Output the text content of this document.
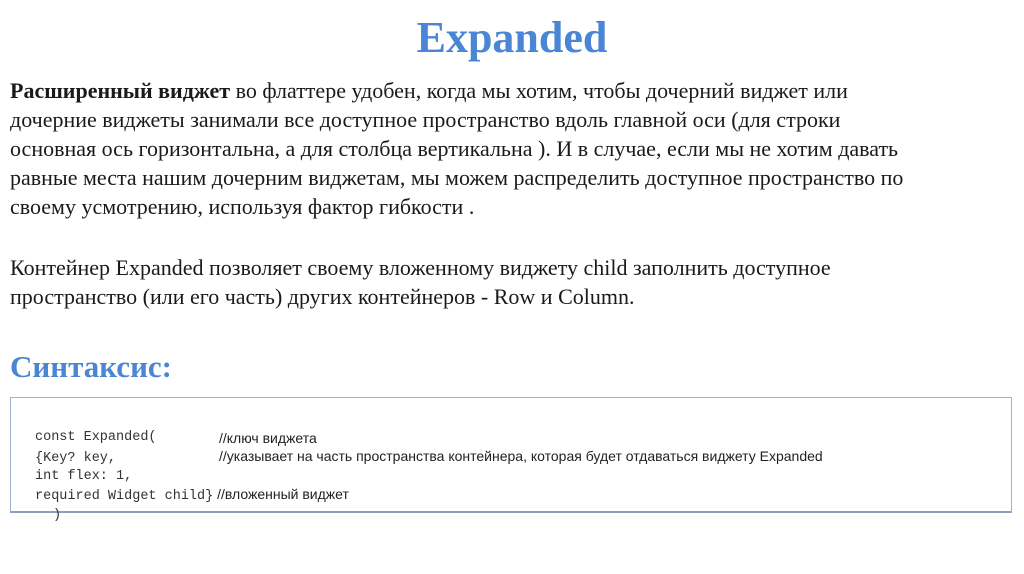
Expanded
Расширенный виджет во флаттере удобен, когда мы хотим, чтобы дочерний виджет или
дочерние виджеты занимали все доступное пространство вдоль главной оси (для строки
основная ось горизонтальна, а для столбца вертикальна ). И в случае, если мы не хотим давать
равные места нашим дочерним виджетам, мы можем распределить доступное пространство по
своему усмотрению, используя фактор гибкости .
Контейнер Expanded позволяет своему вложенному виджету child заполнить доступное
пространство (или его часть) других контейнеров - Row и Column.
Синтаксис:

const Expanded(

{Key? key,

//ключ виджета

int flex: 1,

//указывает на часть пространства контейнера, которая будет отдаваться виджету Expanded

required Widget child} //вложенный виджет

)
